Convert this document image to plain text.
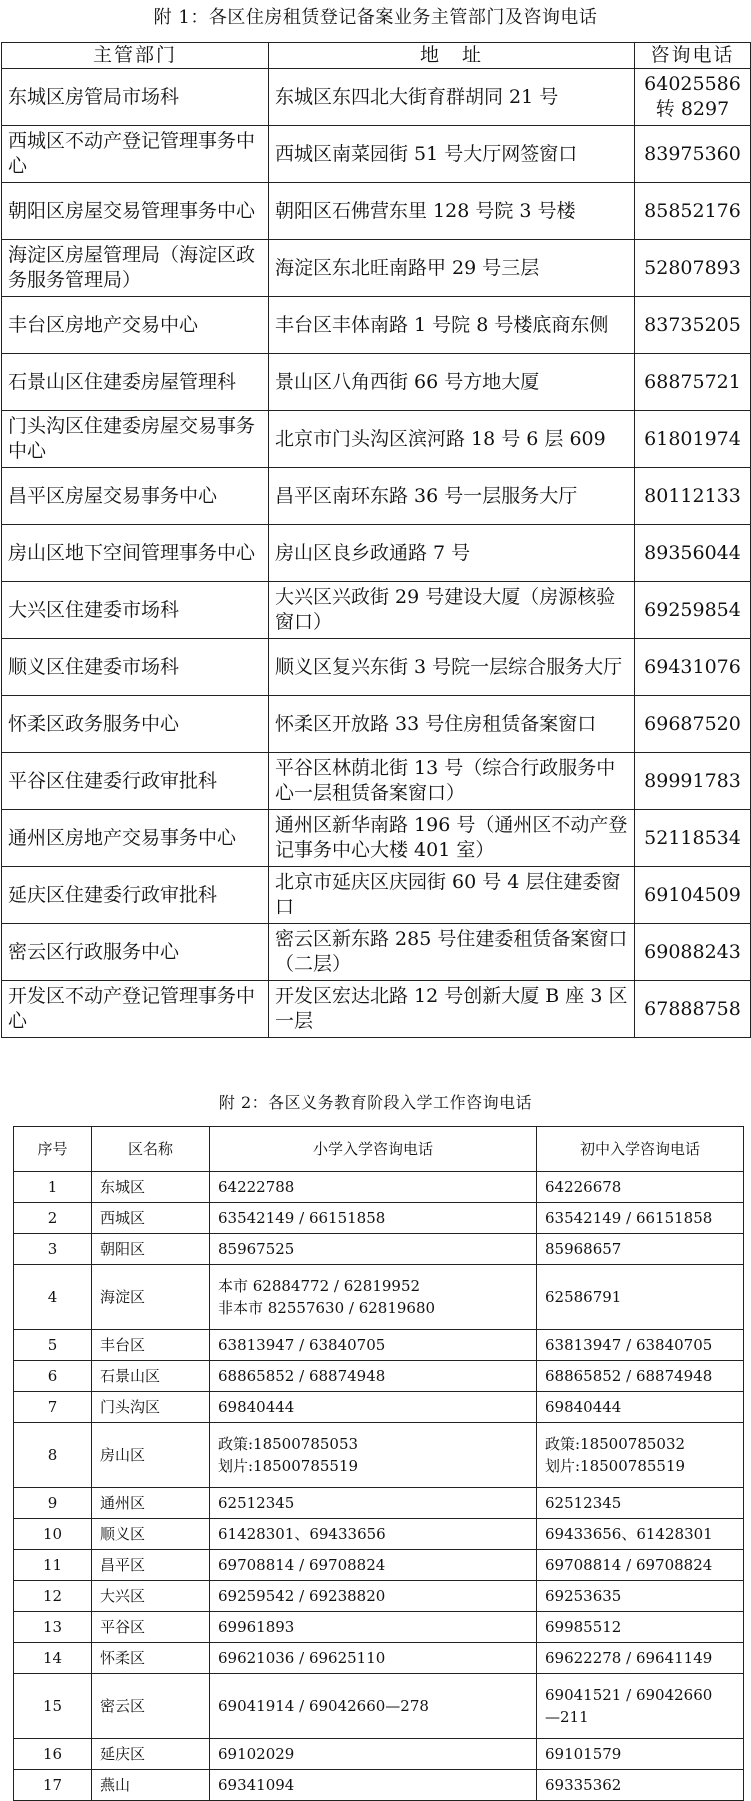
附 1：各区住房租赁登记备案业务主管部门及咨询电话
主管部门	地　址	咨询电话
东城区房管局市场科	东城区东四北大街育群胡同 21 号	64025586 转 8297
西城区不动产登记管理事务中心	西城区南菜园街 51 号大厅网签窗口	83975360
朝阳区房屋交易管理事务中心	朝阳区石佛营东里 128 号院 3 号楼	85852176
海淀区房屋管理局（海淀区政务服务管理局）	海淀区东北旺南路甲 29 号三层	52807893
丰台区房地产交易中心	丰台区丰体南路 1 号院 8 号楼底商东侧	83735205
石景山区住建委房屋管理科	景山区八角西街 66 号方地大厦	68875721
门头沟区住建委房屋交易事务中心	北京市门头沟区滨河路 18 号 6 层 609	61801974
昌平区房屋交易事务中心	昌平区南环东路 36 号一层服务大厅	80112133
房山区地下空间管理事务中心	房山区良乡政通路 7 号	89356044
大兴区住建委市场科	大兴区兴政街 29 号建设大厦（房源核验窗口）	69259854
顺义区住建委市场科	顺义区复兴东街 3 号院一层综合服务大厅	69431076
怀柔区政务服务中心	怀柔区开放路 33 号住房租赁备案窗口	69687520
平谷区住建委行政审批科	平谷区林荫北街 13 号（综合行政服务中心一层租赁备案窗口）	89991783
通州区房地产交易事务中心	通州区新华南路 196 号（通州区不动产登记事务中心大楼 401 室）	52118534
延庆区住建委行政审批科	北京市延庆区庆园街 60 号 4 层住建委窗口	69104509
密云区行政服务中心	密云区新东路 285 号住建委租赁备案窗口（二层）	69088243
开发区不动产登记管理事务中心	开发区宏达北路 12 号创新大厦 B 座 3 区一层	67888758
附 2：各区义务教育阶段入学工作咨询电话
序号	区名称	小学入学咨询电话	初中入学咨询电话
1	东城区	64222788	64226678

2	西城区	63542149 / 66151858	63542149 / 66151858

3	朝阳区	85967525	85968657

4	海淀区	本市 62884772 / 62819952
非本市 82557630 / 62819680	62586791

5	丰台区	63813947 / 63840705	63813947 / 63840705

6	石景山区	68865852 / 68874948	68865852 / 68874948

7	门头沟区	69840444	69840444

8	房山区	政策:18500785053
划片:18500785519	政策:18500785032
划片:18500785519

9	通州区	62512345	62512345

10	顺义区	61428301、69433656	69433656、61428301

11	昌平区	69708814 / 69708824	69708814 / 69708824

12	大兴区	69259542 / 69238820	69253635

13	平谷区	69961893	69985512

14	怀柔区	69621036 / 69625110	69622278 / 69641149

15	密云区	69041914 / 69042660—278	69041521 / 69042660
—211

16	延庆区	69102029	69101579

17	燕山	69341094	69335362
